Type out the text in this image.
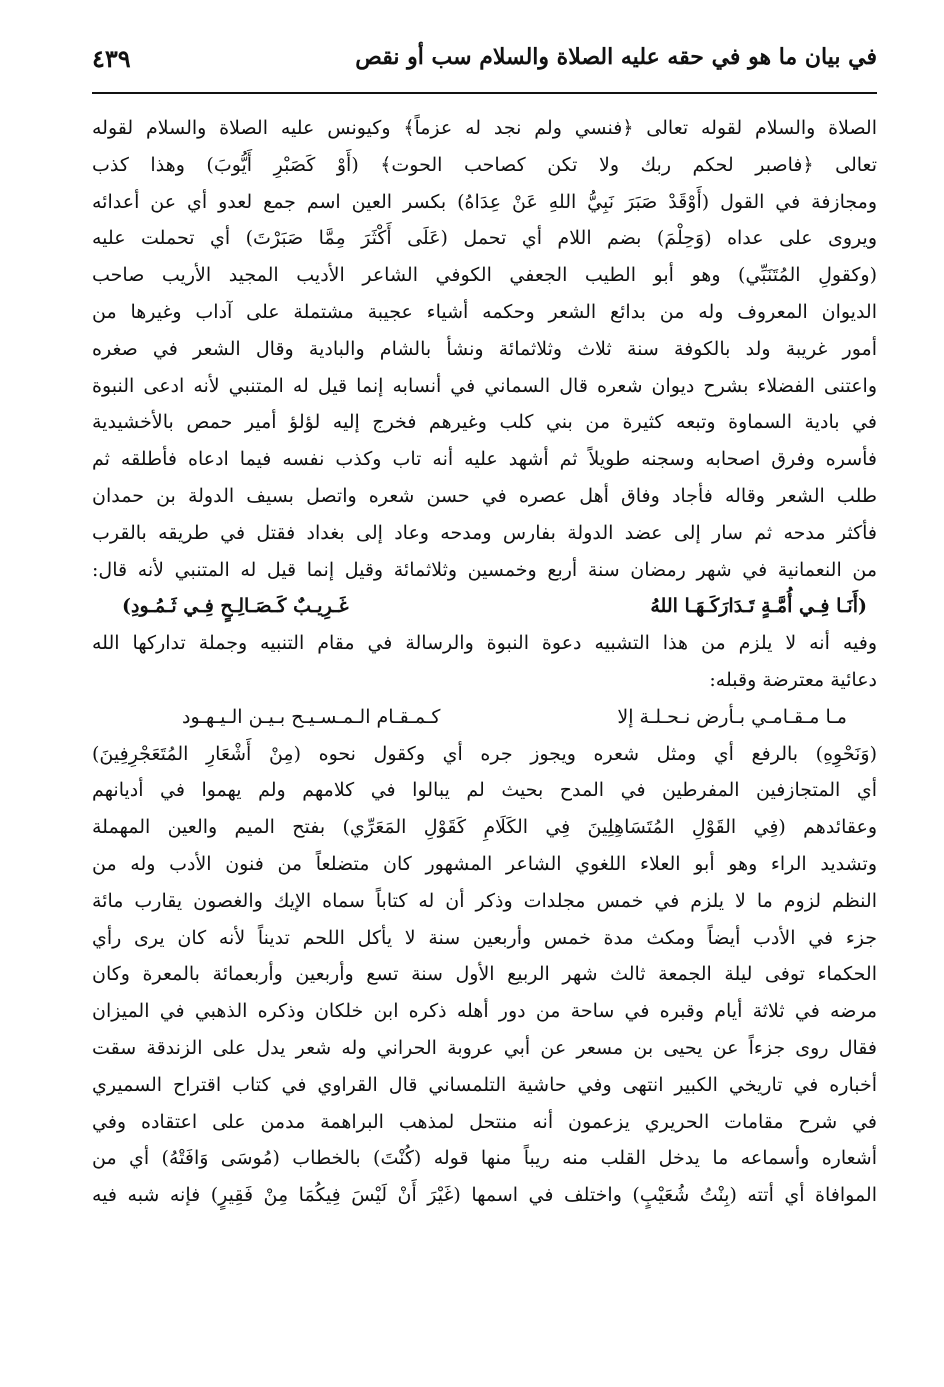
في بيان ما هو في حقه عليه الصلاة والسلام سب أو نقص
٤٣٩
الصلاة والسلام لقوله تعالى ﴿فنسي ولم نجد له عزماً﴾ وكيونس عليه الصلاة والسلام لقوله
تعالى ﴿فاصبر لحكم ربك ولا تكن كصاحب الحوت﴾ (أَوْ كَصَبْرِ أَيُّوبَ) وهذا كذب
ومجازفة في القول (أَوْقَدْ صَبَرَ نَبِيُّ اللهِ عَنْ عِدَاهُ) بكسر العين اسم جمع لعدو أي عن أعدائه
ويروى على عداه (وَحِلْمَ) بضم اللام أي تحمل (عَلَى أَكْثَرَ مِمَّا صَبَرْتَ) أي تحملت عليه
(وكقولِ المُتَنَبِّي) وهو أبو الطيب الجعفي الكوفي الشاعر الأديب المجيد الأريب صاحب
الديوان المعروف وله من بدائع الشعر وحكمه أشياء عجيبة مشتملة على آداب وغيرها من
أمور غريبة ولد بالكوفة سنة ثلاث وثلاثمائة ونشأ بالشام والبادية وقال الشعر في صغره
واعتنى الفضلاء بشرح ديوان شعره قال السماني في أنسابه إنما قيل له المتنبي لأنه ادعى النبوة
في بادية السماوة وتبعه كثيرة من بني كلب وغيرهم فخرج إليه لؤلؤ أمير حمص بالأخشيدية
فأسره وفرق اصحابه وسجنه طويلاً ثم أشهد عليه أنه تاب وكذب نفسه فيما ادعاه فأطلقه ثم
طلب الشعر وقاله فأجاد وفاق أهل عصره في حسن شعره واتصل بسيف الدولة بن حمدان
فأكثر مدحه ثم سار إلى عضد الدولة بفارس ومدحه وعاد إلى بغداد فقتل في طريقه بالقرب
من النعمانية في شهر رمضان سنة أربع وخمسين وثلاثمائة وقيل إنما قيل له المتنبي لأنه قال:
(أَنَـا فِـي أُمَّـةٍ تَـدَارَكَـهَـا اللهُ
غَـرِيـبٌ كَـصَـالِـحٍ فِـي ثَـمُـودِ)
وفيه أنه لا يلزم من هذا التشبيه دعوة النبوة والرسالة في مقام التنبيه وجملة تداركها الله
دعائية معترضة وقبله:
مـا مـقـامـي بـأرض نـحـلـة إلا
كـمـقـام الـمـسـيـح بـيـن الـيـهـود
(وَنَحْوِهِ) بالرفع أي ومثل شعره ويجوز جره أي وكقول نحوه (مِنْ أَشْعَارِ المُتَعَجْرِفِينَ)
أي المتجازفين المفرطين في المدح بحيث لم يبالوا في كلامهم ولم يهموا في أديانهم
وعقائدهم (فِي القَوْلِ المُتَسَاهِلِينَ فِي الكَلَامِ كَقَوْلِ المَعَرِّي) بفتح الميم والعين المهملة
وتشديد الراء وهو أبو العلاء اللغوي الشاعر المشهور كان متضلعاً من فنون الأدب وله من
النظم لزوم ما لا يلزم في خمس مجلدات وذكر أن له كتاباً سماه الإيك والغصون يقارب مائة
جزء في الأدب أيضاً ومكث مدة خمس وأربعين سنة لا يأكل اللحم تديناً لأنه كان يرى رأي
الحكماء توفى ليلة الجمعة ثالث شهر الربيع الأول سنة تسع وأربعين وأربعمائة بالمعرة وكان
مرضه في ثلاثة أيام وقبره في ساحة من دور أهله ذكره ابن خلكان وذكره الذهبي في الميزان
فقال روى جزءاً عن يحيى بن مسعر عن أبي عروبة الحراني وله شعر يدل على الزندقة سقت
أخباره في تاريخي الكبير انتهى وفي حاشية التلمساني قال القراوي في كتاب اقتراح السميري
في شرح مقامات الحريري يزعمون أنه منتحل لمذهب البراهمة مدمن على اعتقاده وفي
أشعاره وأسماعه ما يدخل القلب منه ريباً منها قوله (كُنْتَ) بالخطاب (مُوسَى وَافَتْهُ) أي من
الموافاة أي أتته (بِنْتُ شُعَيْبٍ) واختلف في اسمها (غَيْرَ أَنْ لَيْسَ فِيكُمَا مِنْ فَقِيرٍ) فإنه شبه فيه
